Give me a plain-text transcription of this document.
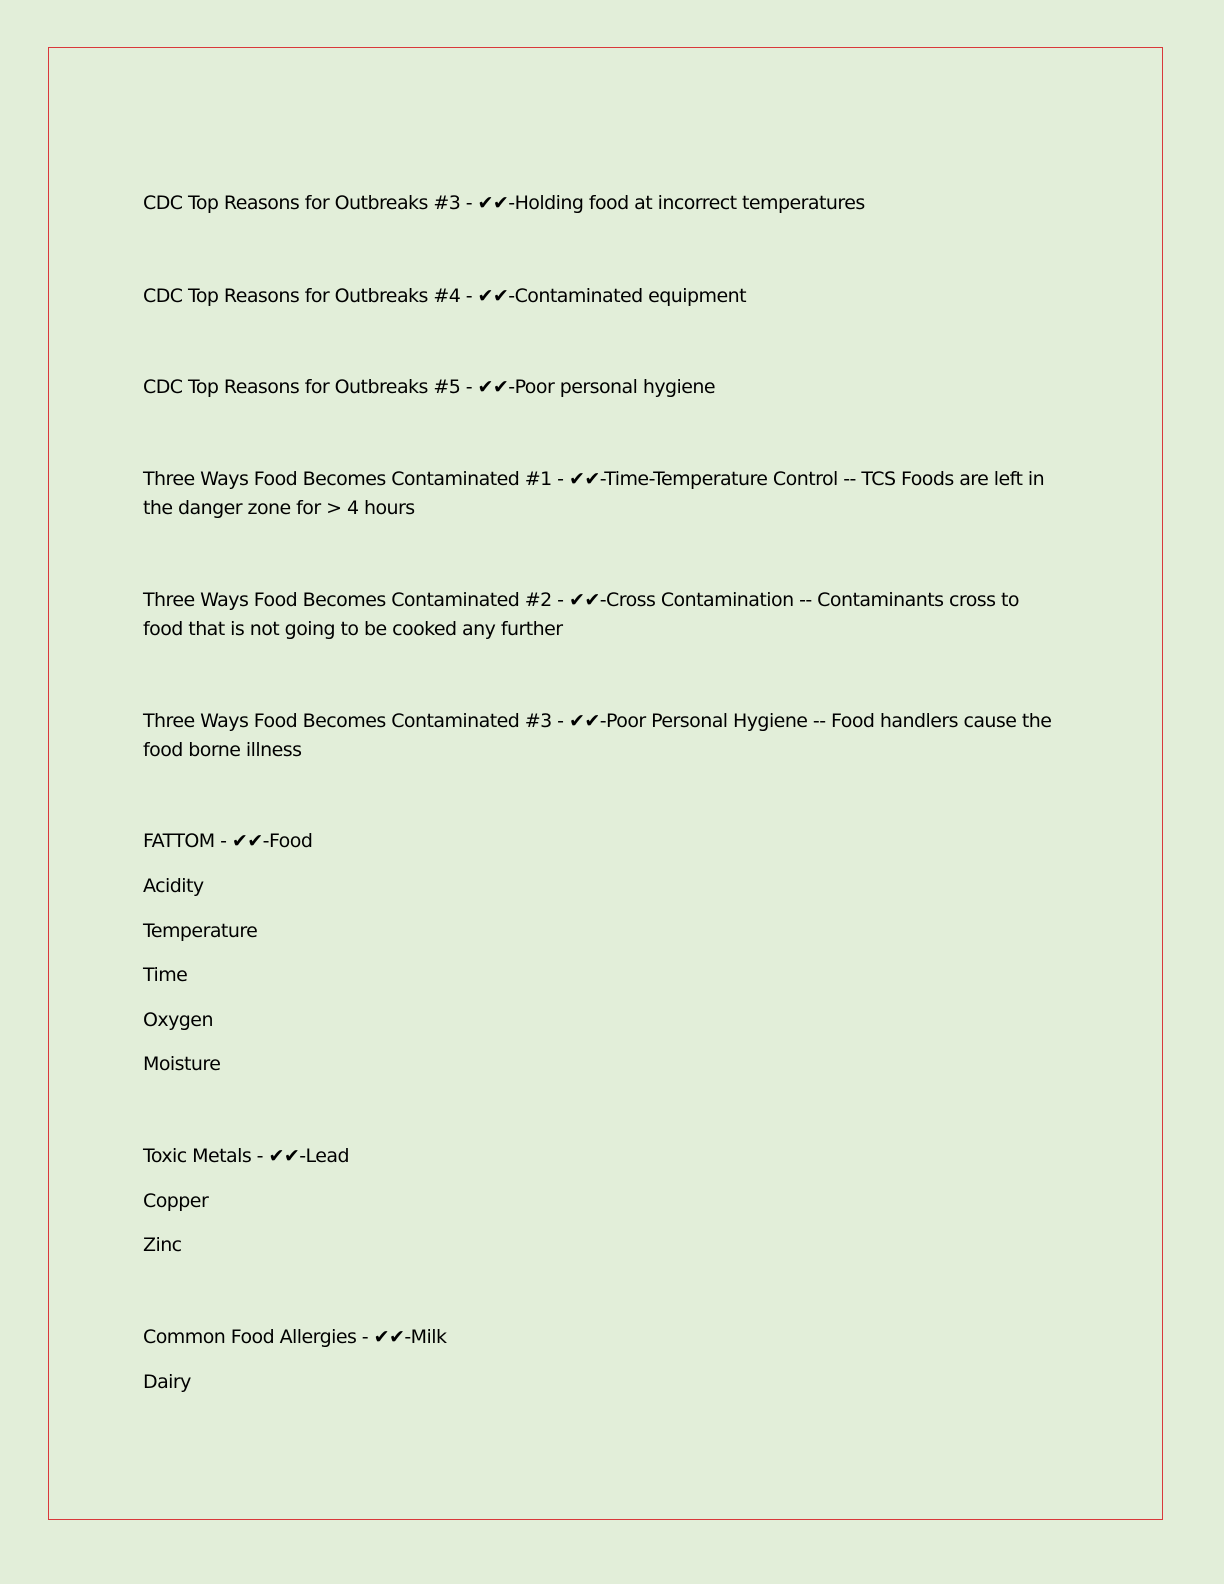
CDC Top Reasons for Outbreaks #3 - ✔✔-Holding food at incorrect temperatures
CDC Top Reasons for Outbreaks #4 - ✔✔-Contaminated equipment
CDC Top Reasons for Outbreaks #5 - ✔✔-Poor personal hygiene
Three Ways Food Becomes Contaminated #1 - ✔✔-Time-Temperature Control -- TCS Foods are left in the danger zone for > 4 hours
Three Ways Food Becomes Contaminated #2 - ✔✔-Cross Contamination -- Contaminants cross to food that is not going to be cooked any further
Three Ways Food Becomes Contaminated #3 - ✔✔-Poor Personal Hygiene -- Food handlers cause the food borne illness
FATTOM - ✔✔-Food
Acidity
Temperature
Time
Oxygen
Moisture
Toxic Metals - ✔✔-Lead
Copper
Zinc
Common Food Allergies - ✔✔-Milk
Dairy
